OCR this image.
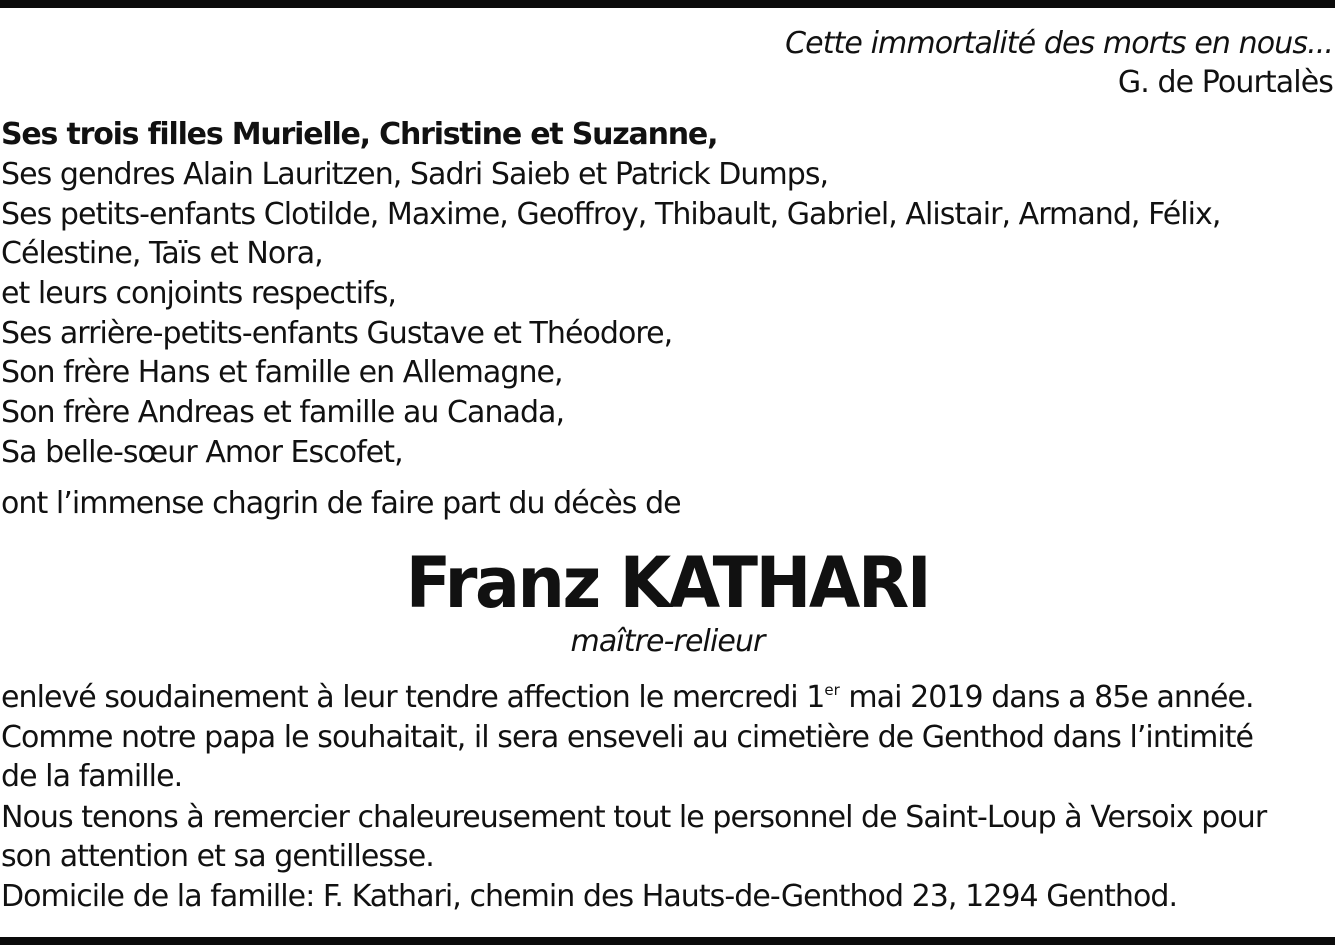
Cette immortalité des morts en nous...
G. de Pourtalès
Ses trois filles Murielle, Christine et Suzanne,
Ses gendres Alain Lauritzen, Sadri Saieb et Patrick Dumps,
Ses petits-enfants Clotilde, Maxime, Geoffroy, Thibault, Gabriel, Alistair, Armand, Félix,
Célestine, Taïs et Nora,
et leurs conjoints respectifs,
Ses arrière-petits-enfants Gustave et Théodore,
Son frère Hans et famille en Allemagne,
Son frère Andreas et famille au Canada,
Sa belle-sœur Amor Escofet,
ont l’immense chagrin de faire part du décès de
Franz KATHARI
maître-relieur
enlevé soudainement à leur tendre affection le mercredi 1er mai 2019 dans a 85e année.
Comme notre papa le souhaitait, il sera enseveli au cimetière de Genthod dans l’intimité
de la famille.
Nous tenons à remercier chaleureusement tout le personnel de Saint-Loup à Versoix pour
son attention et sa gentillesse.
Domicile de la famille: F. Kathari, chemin des Hauts-de-Genthod 23, 1294 Genthod.
